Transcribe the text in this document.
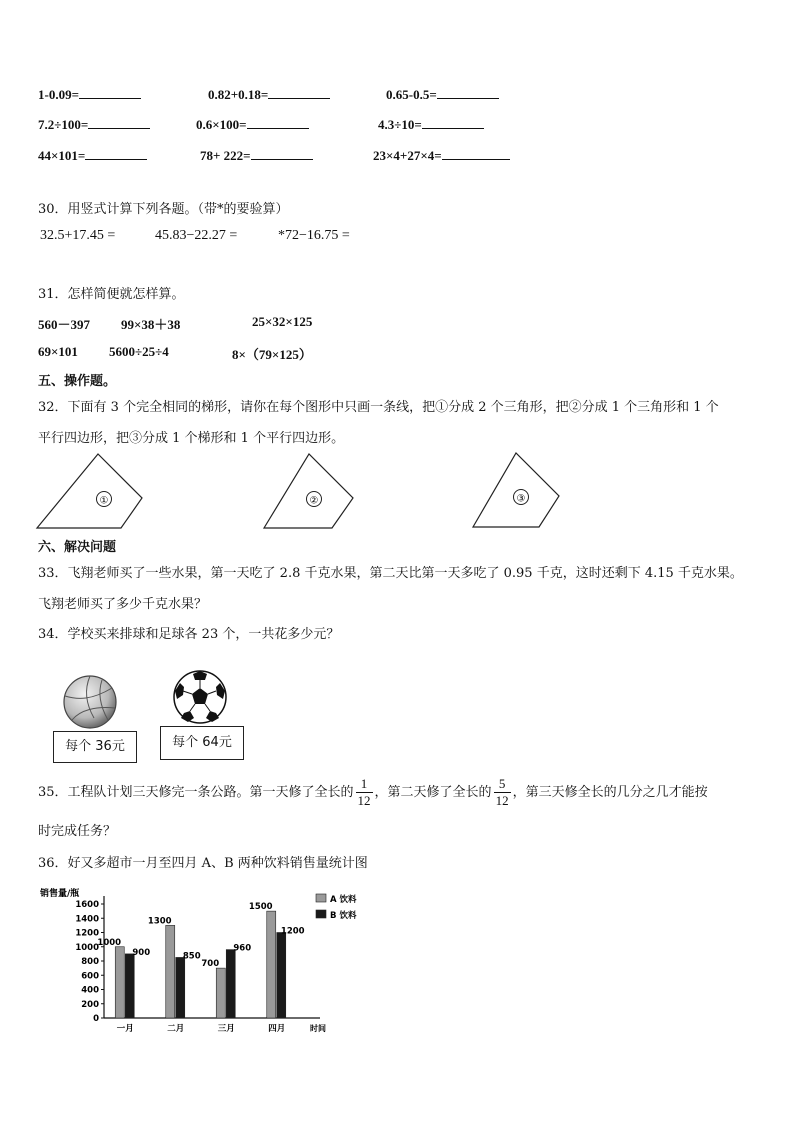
1-0.09=	0.82+0.18=	0.65-0.5=
7.2÷100=	0.6×100=	4.3÷10=
44×101=	78+ 222=	23×4+27×4=
30．用竖式计算下列各题。（带*的要验算）
32.5+17.45 =	45.83−22.27 =	*72−16.75 =
31．怎样简便就怎样算。
560－397 99×38＋38	25×32×125
69×101 5600÷25÷4	8×（79×125）
五、操作题。
32．下面有 3 个完全相同的梯形，请你在每个图形中只画一条线，把①分成 2 个三角形，把②分成 1 个三角形和 1 个
平行四边形，把③分成 1 个梯形和 1 个平行四边形。
①	②	③
六、解决问题
33．飞翔老师买了一些水果，第一天吃了 2.8 千克水果，第二天比第一天多吃了 0.95 千克，这时还剩下 4.15 千克水果。
飞翔老师买了多少千克水果？
34．学校买来排球和足球各 23 个，一共花多少元？
每个 36元	每个 64元
35．工程队计划三天修完一条公路。第一天修了全长的 $\frac{1}{12}$ ，第二天修了全长的 $\frac{5}{12}$ ，第三天修全长的几分之几才能按
时完成任务？
36．好又多超市一月至四月 A、B 两种饮料销售量统计图
销售量/瓶
时间
0
200
400
600
800
1000
1200
1400
1600
1000
900
一月
1300
850
二月
700
960
三月
1500
1200
四月
A 饮料
B 饮料
